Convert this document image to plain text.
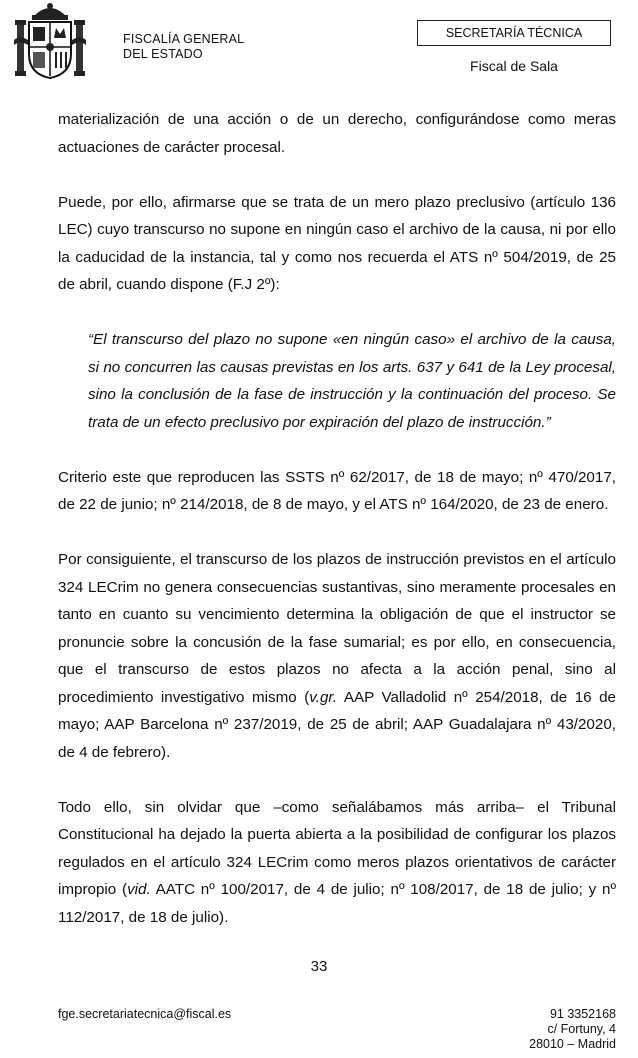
FISCALÍA GENERAL
DEL ESTADO
SECRETARÍA TÉCNICA
Fiscal de Sala

materialización de una acción o de un derecho, configurándose como meras actuaciones de carácter procesal.

Puede, por ello, afirmarse que se trata de un mero plazo preclusivo (artículo 136 LEC) cuyo transcurso no supone en ningún caso el archivo de la causa, ni por ello la caducidad de la instancia, tal y como nos recuerda el ATS nº 504/2019, de 25 de abril, cuando dispone (F.J 2º):

“El transcurso del plazo no supone «en ningún caso» el archivo de la causa, si no concurren las causas previstas en los arts. 637 y 641 de la Ley procesal, sino la conclusión de la fase de instrucción y la continuación del proceso. Se trata de un efecto preclusivo por expiración del plazo de instrucción.”

Criterio este que reproducen las SSTS nº 62/2017, de 18 de mayo; nº 470/2017, de 22 de junio; nº 214/2018, de 8 de mayo, y el ATS nº 164/2020, de 23 de enero.

Por consiguiente, el transcurso de los plazos de instrucción previstos en el artículo 324 LECrim no genera consecuencias sustantivas, sino meramente procesales en tanto en cuanto su vencimiento determina la obligación de que el instructor se pronuncie sobre la concusión de la fase sumarial; es por ello, en consecuencia, que el transcurso de estos plazos no afecta a la acción penal, sino al procedimiento investigativo mismo (v.gr. AAP Valladolid nº 254/2018, de 16 de mayo; AAP Barcelona nº 237/2019, de 25 de abril; AAP Guadalajara nº 43/2020, de 4 de febrero).

Todo ello, sin olvidar que –como señalábamos más arriba– el Tribunal Constitucional ha dejado la puerta abierta a la posibilidad de configurar los plazos regulados en el artículo 324 LECrim como meros plazos orientativos de carácter impropio (vid. AATC nº 100/2017, de 4 de julio; nº 108/2017, de 18 de julio; y nº 112/2017, de 18 de julio).

33
fge.secretariatecnica@fiscal.es	91 3352168
c/ Fortuny, 4
28010 – Madrid
